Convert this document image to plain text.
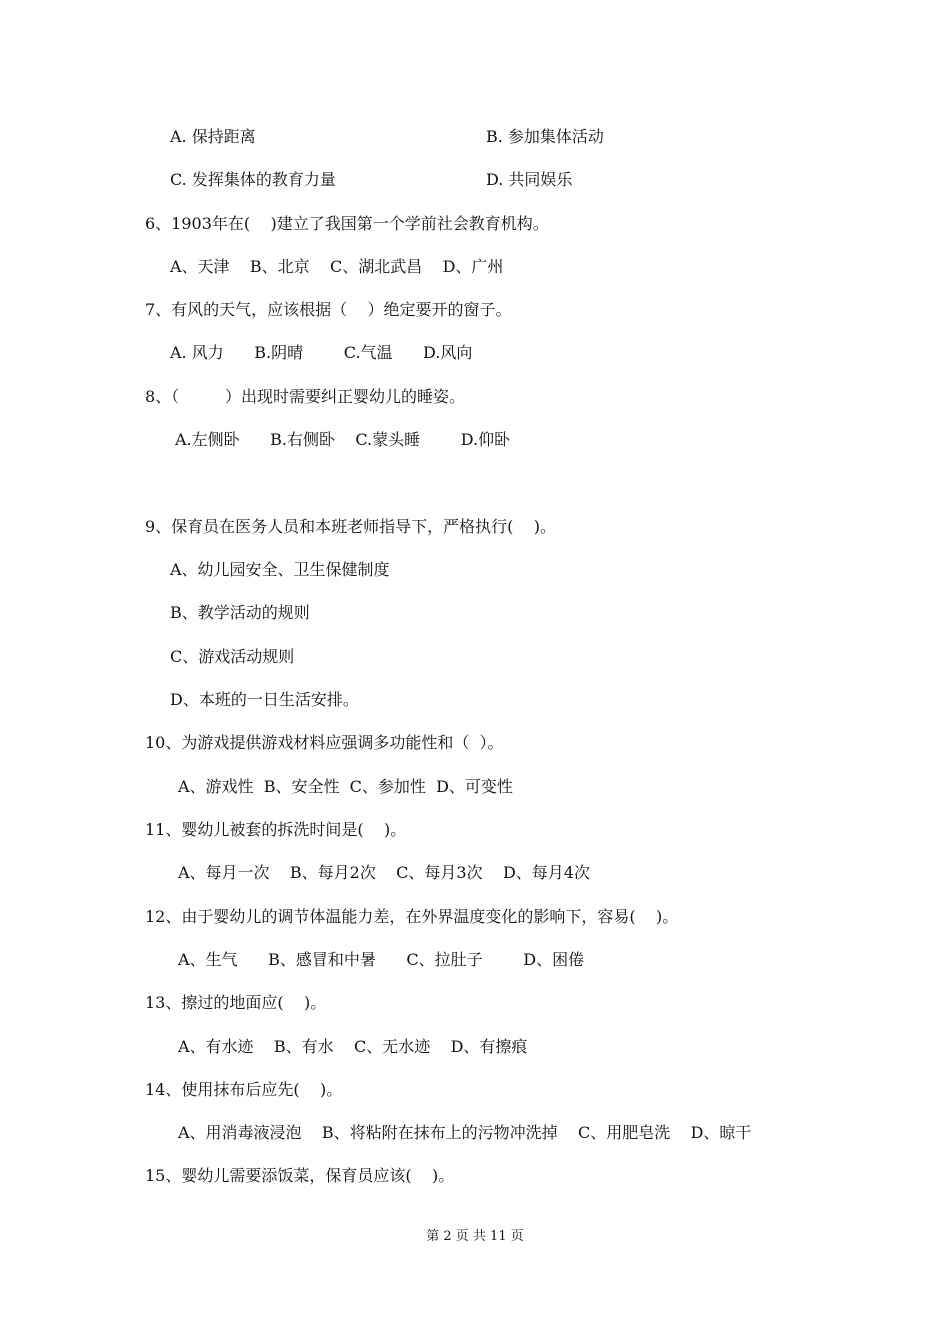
A. 保持距离	B. 参加集体活动

C. 发挥集体的教育力量	D. 共同娱乐

6、1903年在(    )建立了我国第一个学前社会教育机构。

A、天津    B、北京    C、湖北武昌    D、广州

7、有风的天气，应该根据（    ）绝定要开的窗子。

A. 风力      B.阴晴        C.气温      D.风向

8、（         ）出现时需要纠正婴幼儿的睡姿。

A.左侧卧      B.右侧卧    C.蒙头睡        D.仰卧

9、保育员在医务人员和本班老师指导下，严格执行(    )。

A、幼儿园安全、卫生保健制度

B、教学活动的规则

C、游戏活动规则

D、本班的一日生活安排。

10、为游戏提供游戏材料应强调多功能性和（  ）。

A、游戏性  B、安全性  C、参加性  D、可变性

11、婴幼儿被套的拆洗时间是(    )。

A、每月一次    B、每月2次    C、每月3次    D、每月4次

12、由于婴幼儿的调节体温能力差，在外界温度变化的影响下，容易(    )。

A、生气      B、感冒和中暑      C、拉肚子        D、困倦

13、擦过的地面应(    )。

A、有水迹    B、有水    C、无水迹    D、有擦痕

14、使用抹布后应先(    )。

A、用消毒液浸泡    B、将粘附在抹布上的污物冲洗掉    C、用肥皂洗    D、晾干

15、婴幼儿需要添饭菜，保育员应该(    )。

第 2 页 共 11 页
